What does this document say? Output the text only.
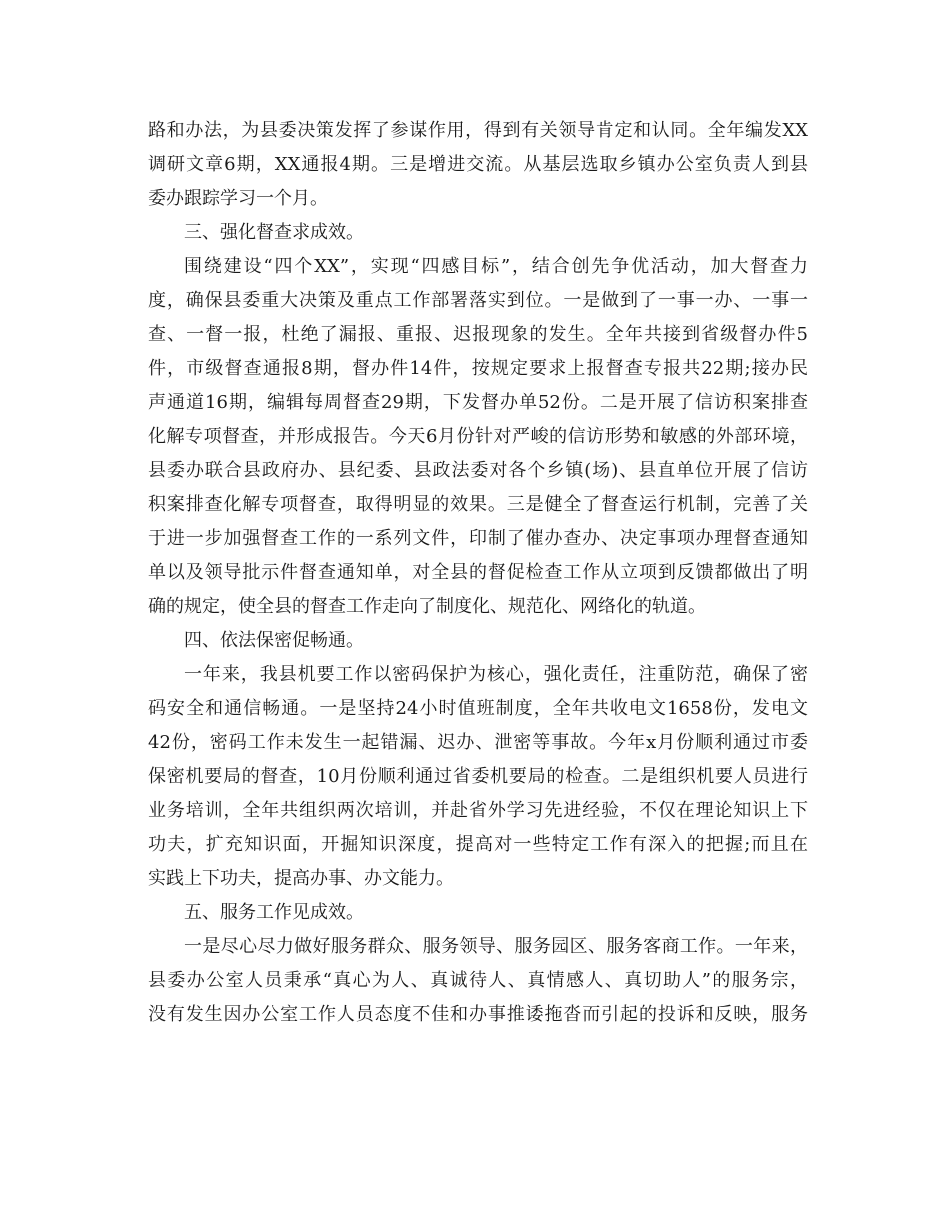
路和办法，为县委决策发挥了参谋作用，得到有关领导肯定和认同。全年编发XX
调研文章6期，XX通报4期。三是增进交流。从基层选取乡镇办公室负责人到县
委办跟踪学习一个月。
三、强化督查求成效。
围绕建设“四个XX”，实现“四感目标”，结合创先争优活动，加大督查力
度，确保县委重大决策及重点工作部署落实到位。一是做到了一事一办、一事一
查、一督一报，杜绝了漏报、重报、迟报现象的发生。全年共接到省级督办件5
件，市级督查通报8期，督办件14件，按规定要求上报督查专报共22期;接办民
声通道16期，编辑每周督查29期，下发督办单52份。二是开展了信访积案排查
化解专项督查，并形成报告。今天6月份针对严峻的信访形势和敏感的外部环境，
县委办联合县政府办、县纪委、县政法委对各个乡镇(场)、县直单位开展了信访
积案排查化解专项督查，取得明显的效果。三是健全了督查运行机制，完善了关
于进一步加强督查工作的一系列文件，印制了催办查办、决定事项办理督查通知
单以及领导批示件督查通知单，对全县的督促检查工作从立项到反馈都做出了明
确的规定，使全县的督查工作走向了制度化、规范化、网络化的轨道。
四、依法保密促畅通。
一年来，我县机要工作以密码保护为核心，强化责任，注重防范，确保了密
码安全和通信畅通。一是坚持24小时值班制度，全年共收电文1658份，发电文
42份，密码工作未发生一起错漏、迟办、泄密等事故。今年x月份顺利通过市委
保密机要局的督查，10月份顺利通过省委机要局的检查。二是组织机要人员进行
业务培训，全年共组织两次培训，并赴省外学习先进经验，不仅在理论知识上下
功夫，扩充知识面，开掘知识深度，提高对一些特定工作有深入的把握;而且在
实践上下功夫，提高办事、办文能力。
五、服务工作见成效。
一是尽心尽力做好服务群众、服务领导、服务园区、服务客商工作。一年来，
县委办公室人员秉承“真心为人、真诚待人、真情感人、真切助人”的服务宗，
没有发生因办公室工作人员态度不佳和办事推诿拖沓而引起的投诉和反映，服务
